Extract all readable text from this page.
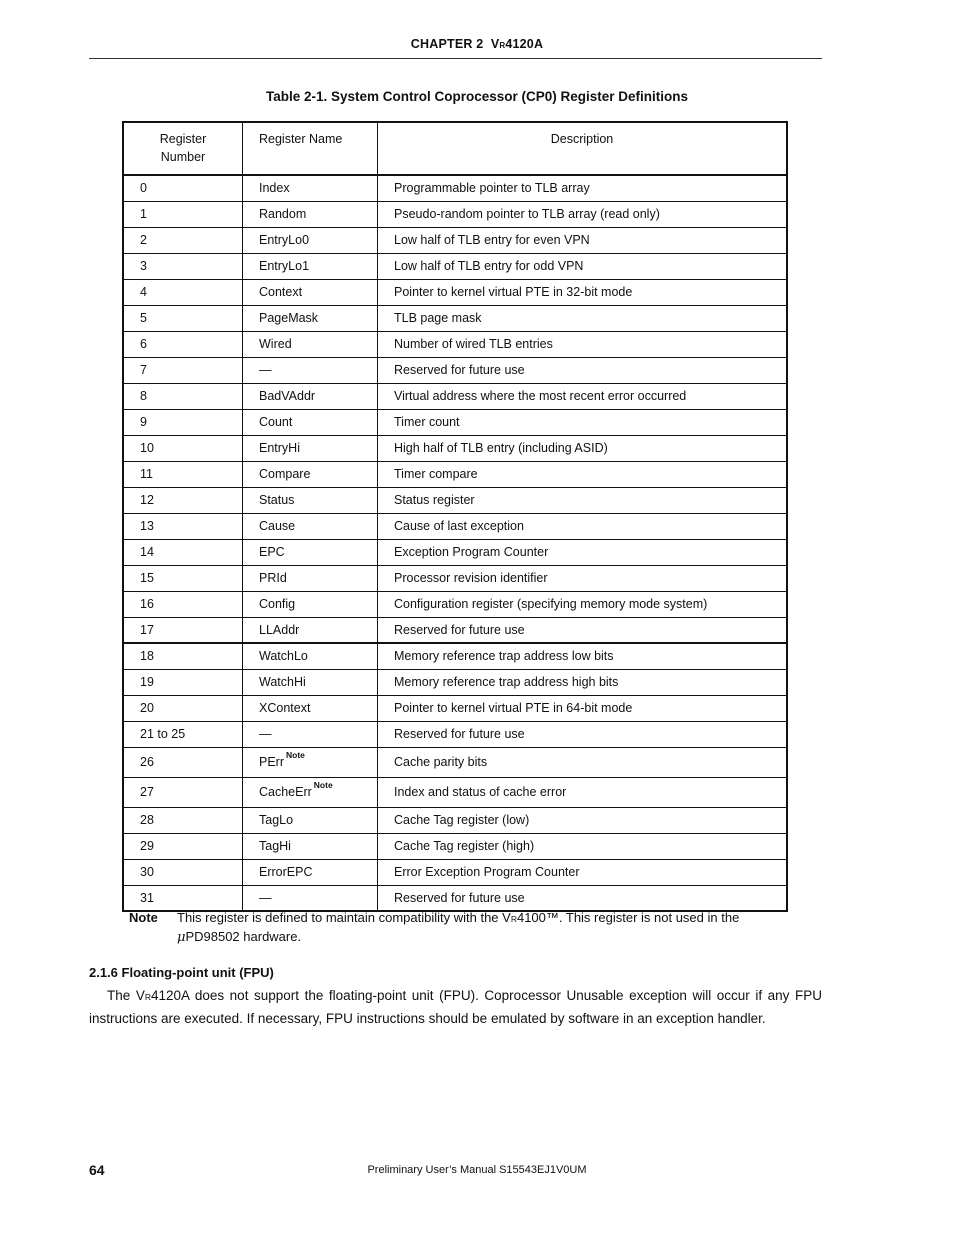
CHAPTER 2 VR4120A
Table 2-1. System Control Coprocessor (CP0) Register Definitions
Register
Number	Register Name	Description
0	Index	Programmable pointer to TLB array
1	Random	Pseudo-random pointer to TLB array (read only)
2	EntryLo0	Low half of TLB entry for even VPN
3	EntryLo1	Low half of TLB entry for odd VPN
4	Context	Pointer to kernel virtual PTE in 32-bit mode
5	PageMask	TLB page mask
6	Wired	Number of wired TLB entries
7	—	Reserved for future use
8	BadVAddr	Virtual address where the most recent error occurred
9	Count	Timer count
10	EntryHi	High half of TLB entry (including ASID)
11	Compare	Timer compare
12	Status	Status register
13	Cause	Cause of last exception
14	EPC	Exception Program Counter
15	PRId	Processor revision identifier
16	Config	Configuration register (specifying memory mode system)
17	LLAddr	Reserved for future use
18	WatchLo	Memory reference trap address low bits
19	WatchHi	Memory reference trap address high bits
20	XContext	Pointer to kernel virtual PTE in 64-bit mode
21 to 25	—	Reserved for future use
26	PErr $^{Note}$	Cache parity bits
27	CacheErr $^{Note}$	Index and status of cache error
28	TagLo	Cache Tag register (low)
29	TagHi	Cache Tag register (high)
30	ErrorEPC	Error Exception Program Counter
31	—	Reserved for future use
Note This register is defined to maintain compatibility with the VR4100™. This register is not used in the μPD98502 hardware.
2.1.6 Floating-point unit (FPU)
The VR4120A does not support the floating-point unit (FPU). Coprocessor Unusable exception will occur if any FPU instructions are executed. If necessary, FPU instructions should be emulated by software in an exception handler.
64	Preliminary User’s Manual S15543EJ1V0UM
